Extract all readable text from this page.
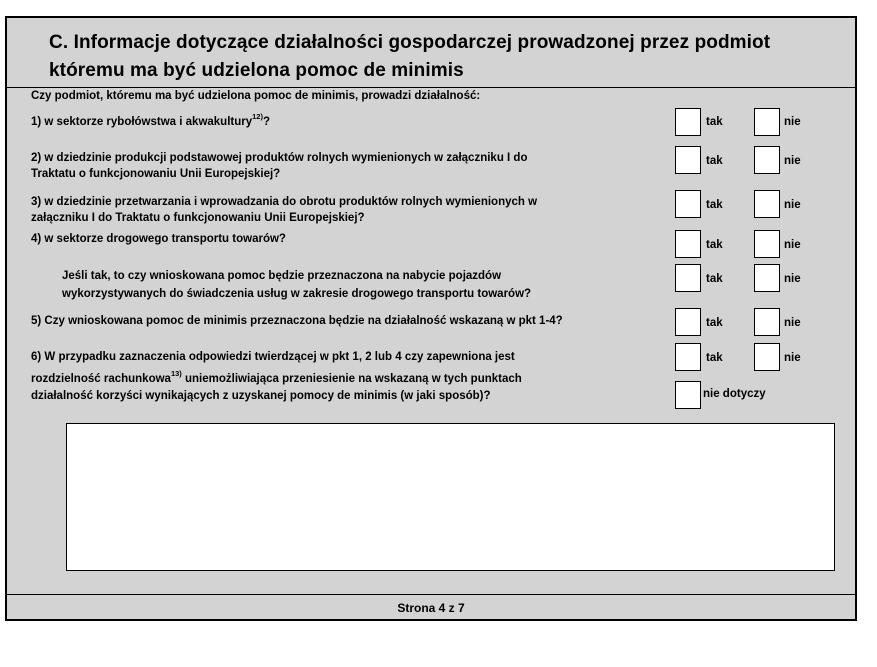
C. Informacje dotyczące działalności gospodarczej prowadzonej przez podmiot
któremu ma być udzielona pomoc de minimis
Czy podmiot, któremu ma być udzielona pomoc de minimis, prowadzi działalność:
1) w sektorze rybołówstwa i akwakultury$^{12)}$?	tak	nie
2) w dziedzinie produkcji podstawowej produktów rolnych wymienionych w załączniku I do
Traktatu o funkcjonowaniu Unii Europejskiej?
tak	nie
3) w dziedzinie przetwarzania i wprowadzania do obrotu produktów rolnych wymienionych w
załączniku I do Traktatu o funkcjonowaniu Unii Europejskiej?
tak	nie
4) w sektorze drogowego transportu towarów?	tak	nie
Jeśli tak, to czy wnioskowana pomoc będzie przeznaczona na nabycie pojazdów
wykorzystywanych do świadczenia usług w zakresie drogowego transportu towarów?
tak	nie
5) Czy wnioskowana pomoc de minimis przeznaczona będzie na działalność wskazaną w pkt 1-4?	tak	nie
6) W przypadku zaznaczenia odpowiedzi twierdzącej w pkt 1, 2 lub 4 czy zapewniona jest
rozdzielność rachunkowa$^{13)}$ uniemożliwiająca przeniesienie na wskazaną w tych punktach
działalność korzyści wynikających z uzyskanej pomocy de minimis (w jaki sposób)?
tak	nie
nie dotyczy
Strona 4 z 7
